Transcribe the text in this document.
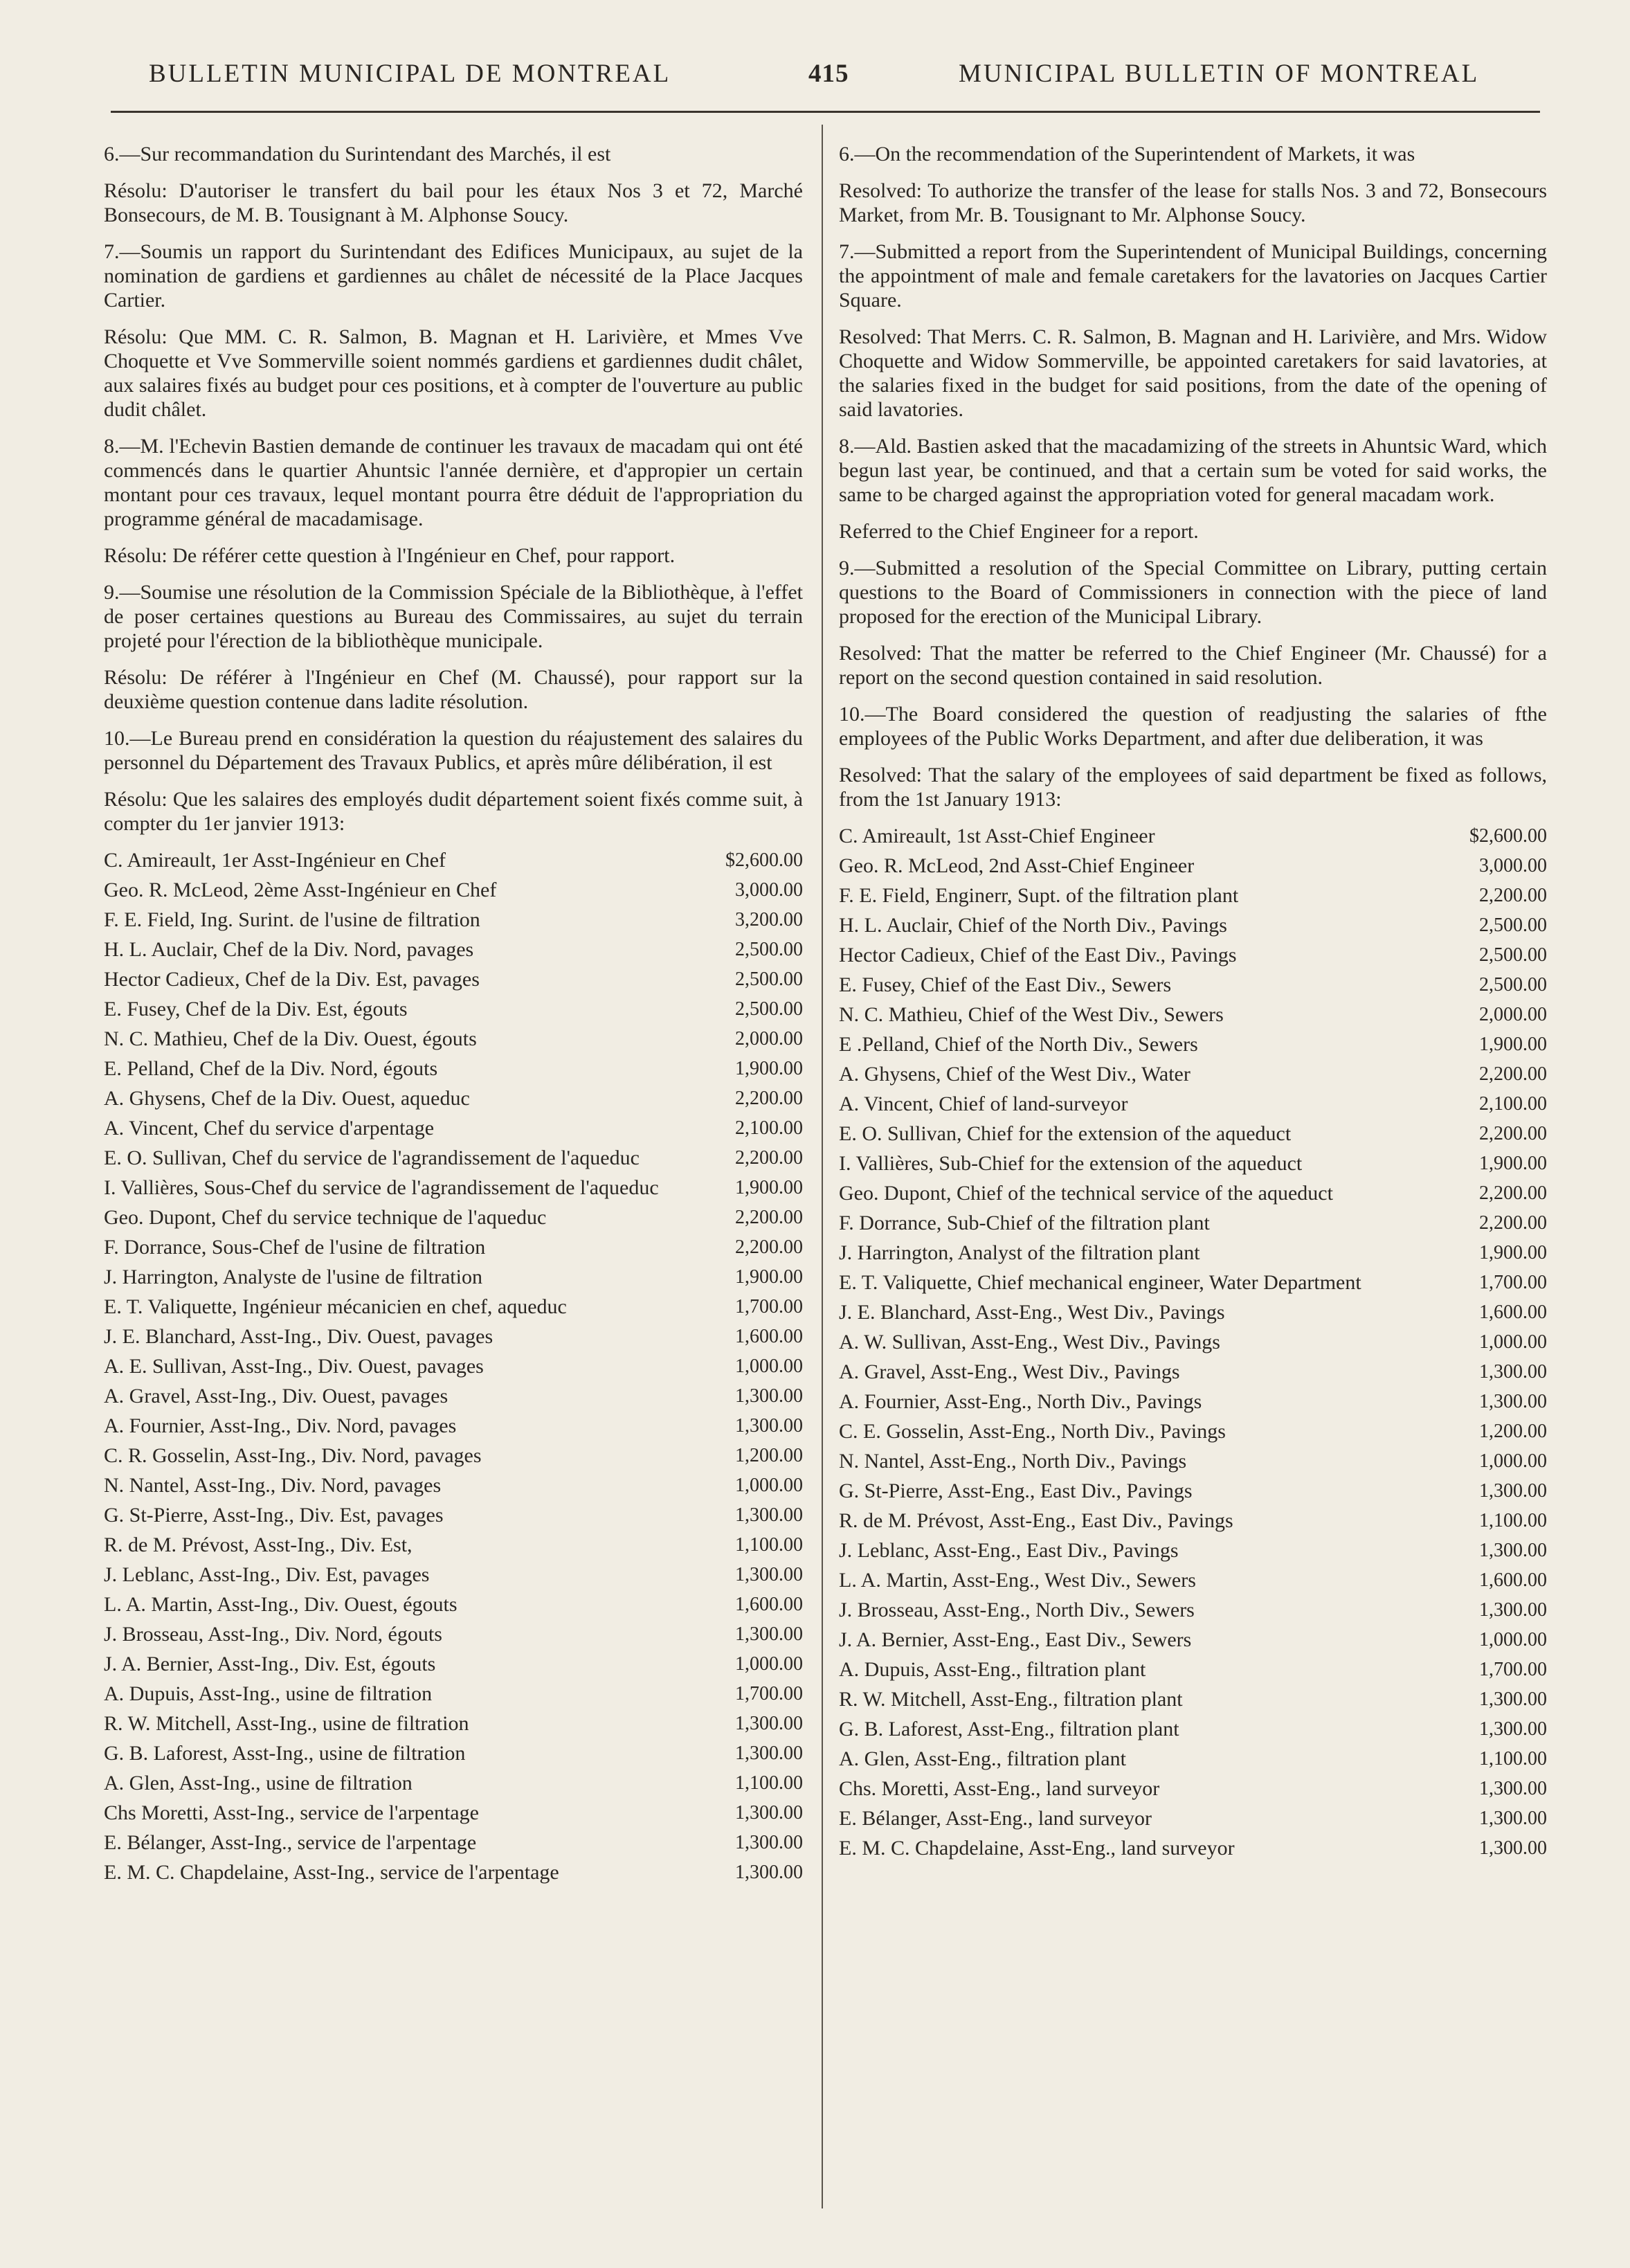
BULLETIN MUNICIPAL DE MONTREAL	415	MUNICIPAL BULLETIN OF MONTREAL

6.—Sur recommandation du Surintendant des Marchés, il est

Résolu: D'autoriser le transfert du bail pour les étaux Nos 3 et 72, Marché Bonsecours, de M. B. Tousignant à M. Alphonse Soucy.

7.—Soumis un rapport du Surintendant des Edifices Municipaux, au sujet de la nomination de gardiens et gardiennes au châlet de nécessité de la Place Jacques Cartier.

Résolu: Que MM. C. R. Salmon, B. Magnan et H. Larivière, et Mmes Vve Choquette et Vve Sommerville soient nommés gardiens et gardiennes dudit châlet, aux salaires fixés au budget pour ces positions, et à compter de l'ouverture au public dudit châlet.

8.—M. l'Echevin Bastien demande de continuer les travaux de macadam qui ont été commencés dans le quartier Ahuntsic l'année dernière, et d'appropier un certain montant pour ces travaux, lequel montant pourra être déduit de l'appropriation du programme général de macadamisage.

Résolu: De référer cette question à l'Ingénieur en Chef, pour rapport.

9.—Soumise une résolution de la Commission Spéciale de la Bibliothèque, à l'effet de poser certaines questions au Bureau des Commissaires, au sujet du terrain projeté pour l'érection de la bibliothèque municipale.

Résolu: De référer à l'Ingénieur en Chef (M. Chaussé), pour rapport sur la deuxième question contenue dans ladite résolution.

10.—Le Bureau prend en considération la question du réajustement des salaires du personnel du Département des Travaux Publics, et après mûre délibération, il est

Résolu: Que les salaires des employés dudit département soient fixés comme suit, à compter du 1er janvier 1913:

C. Amireault, 1er Asst-Ingénieur en Chef	$2,600.00
Geo. R. McLeod, 2ème Asst-Ingénieur en Chef	3,000.00
F. E. Field, Ing. Surint. de l'usine de filtration	3,200.00
H. L. Auclair, Chef de la Div. Nord, pavages	2,500.00
Hector Cadieux, Chef de la Div. Est, pavages	2,500.00
E. Fusey, Chef de la Div. Est, égouts	2,500.00
N. C. Mathieu, Chef de la Div. Ouest, égouts	2,000.00
E. Pelland, Chef de la Div. Nord, égouts	1,900.00
A. Ghysens, Chef de la Div. Ouest, aqueduc	2,200.00
A. Vincent, Chef du service d'arpentage	2,100.00
E. O. Sullivan, Chef du service de l'agrandissement de l'aqueduc	2,200.00
I. Vallières, Sous-Chef du service de l'agrandissement de l'aqueduc	1,900.00
Geo. Dupont, Chef du service technique de l'aqueduc	2,200.00
F. Dorrance, Sous-Chef de l'usine de filtration	2,200.00
J. Harrington, Analyste de l'usine de filtration	1,900.00
E. T. Valiquette, Ingénieur mécanicien en chef, aqueduc	1,700.00
J. E. Blanchard, Asst-Ing., Div. Ouest, pavages	1,600.00
A. E. Sullivan, Asst-Ing., Div. Ouest, pavages	1,000.00
A. Gravel, Asst-Ing., Div. Ouest, pavages	1,300.00
A. Fournier, Asst-Ing., Div. Nord, pavages	1,300.00
C. R. Gosselin, Asst-Ing., Div. Nord, pavages	1,200.00
N. Nantel, Asst-Ing., Div. Nord, pavages	1,000.00
G. St-Pierre, Asst-Ing., Div. Est, pavages	1,300.00
R. de M. Prévost, Asst-Ing., Div. Est,	1,100.00
J. Leblanc, Asst-Ing., Div. Est, pavages	1,300.00
L. A. Martin, Asst-Ing., Div. Ouest, égouts	1,600.00
J. Brosseau, Asst-Ing., Div. Nord, égouts	1,300.00
J. A. Bernier, Asst-Ing., Div. Est, égouts	1,000.00
A. Dupuis, Asst-Ing., usine de filtration	1,700.00
R. W. Mitchell, Asst-Ing., usine de filtration	1,300.00
G. B. Laforest, Asst-Ing., usine de filtration	1,300.00
A. Glen, Asst-Ing., usine de filtration	1,100.00
Chs Moretti, Asst-Ing., service de l'arpentage	1,300.00
E. Bélanger, Asst-Ing., service de l'arpentage	1,300.00
E. M. C. Chapdelaine, Asst-Ing., service de l'arpentage	1,300.00

6.—On the recommendation of the Superintendent of Markets, it was

Resolved: To authorize the transfer of the lease for stalls Nos. 3 and 72, Bonsecours Market, from Mr. B. Tousignant to Mr. Alphonse Soucy.

7.—Submitted a report from the Superintendent of Municipal Buildings, concerning the appointment of male and female caretakers for the lavatories on Jacques Cartier Square.

Resolved: That Merrs. C. R. Salmon, B. Magnan and H. Larivière, and Mrs. Widow Choquette and Widow Sommerville, be appointed caretakers for said lavatories, at the salaries fixed in the budget for said positions, from the date of the opening of said lavatories.

8.—Ald. Bastien asked that the macadamizing of the streets in Ahuntsic Ward, which begun last year, be continued, and that a certain sum be voted for said works, the same to be charged against the appropriation voted for general macadam work.

Referred to the Chief Engineer for a report.

9.—Submitted a resolution of the Special Committee on Library, putting certain questions to the Board of Commissioners in connection with the piece of land proposed for the erection of the Municipal Library.

Resolved: That the matter be referred to the Chief Engineer (Mr. Chaussé) for a report on the second question contained in said resolution.

10.—The Board considered the question of readjusting the salaries of fthe employees of the Public Works Department, and after due deliberation, it was

Resolved: That the salary of the employees of said department be fixed as follows, from the 1st January 1913:

C. Amireault, 1st Asst-Chief Engineer	$2,600.00
Geo. R. McLeod, 2nd Asst-Chief Engineer	3,000.00
F. E. Field, Enginerr, Supt. of the filtration plant	2,200.00
H. L. Auclair, Chief of the North Div., Pavings	2,500.00
Hector Cadieux, Chief of the East Div., Pavings	2,500.00
E. Fusey, Chief of the East Div., Sewers	2,500.00
N. C. Mathieu, Chief of the West Div., Sewers	2,000.00
E .Pelland, Chief of the North Div., Sewers	1,900.00
A. Ghysens, Chief of the West Div., Water	2,200.00
A. Vincent, Chief of land-surveyor	2,100.00
E. O. Sullivan, Chief for the extension of the aqueduct	2,200.00
I. Vallières, Sub-Chief for the extension of the aqueduct	1,900.00
Geo. Dupont, Chief of the technical service of the aqueduct	2,200.00
F. Dorrance, Sub-Chief of the filtration plant	2,200.00
J. Harrington, Analyst of the filtration plant	1,900.00
E. T. Valiquette, Chief mechanical engineer, Water Department	1,700.00
J. E. Blanchard, Asst-Eng., West Div., Pavings	1,600.00
A. W. Sullivan, Asst-Eng., West Div., Pavings	1,000.00
A. Gravel, Asst-Eng., West Div., Pavings	1,300.00
A. Fournier, Asst-Eng., North Div., Pavings	1,300.00
C. E. Gosselin, Asst-Eng., North Div., Pavings	1,200.00
N. Nantel, Asst-Eng., North Div., Pavings	1,000.00
G. St-Pierre, Asst-Eng., East Div., Pavings	1,300.00
R. de M. Prévost, Asst-Eng., East Div., Pavings	1,100.00
J. Leblanc, Asst-Eng., East Div., Pavings	1,300.00
L. A. Martin, Asst-Eng., West Div., Sewers	1,600.00
J. Brosseau, Asst-Eng., North Div., Sewers	1,300.00
J. A. Bernier, Asst-Eng., East Div., Sewers	1,000.00
A. Dupuis, Asst-Eng., filtration plant	1,700.00
R. W. Mitchell, Asst-Eng., filtration plant	1,300.00
G. B. Laforest, Asst-Eng., filtration plant	1,300.00
A. Glen, Asst-Eng., filtration plant	1,100.00
Chs. Moretti, Asst-Eng., land surveyor	1,300.00
E. Bélanger, Asst-Eng., land surveyor	1,300.00
E. M. C. Chapdelaine, Asst-Eng., land surveyor	1,300.00
